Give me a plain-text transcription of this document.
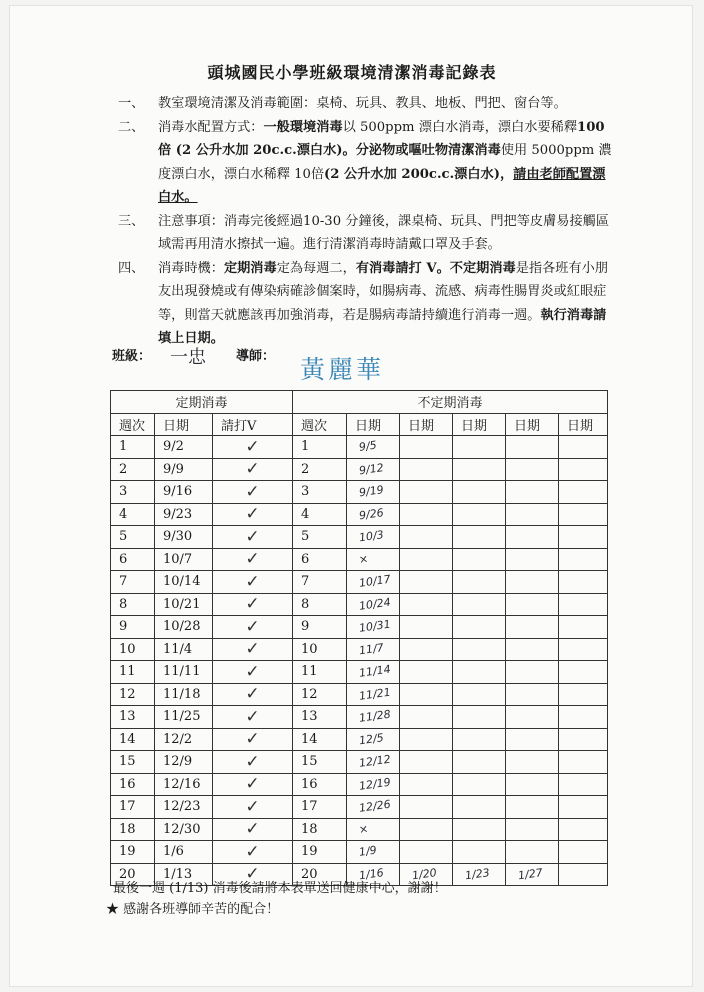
頭城國民小學班級環境清潔消毒記錄表
一、	教室環境清潔及消毒範圍：桌椅、玩具、教具、地板、門把、窗台等。
二、	消毒水配置方式：一般環境消毒以 500ppm 漂白水消毒，漂白水要稀釋100 倍 (2 公升水加 20c.c.漂白水)。分泌物或嘔吐物清潔消毒使用 5000ppm 濃度漂白水，漂白水稀釋 10倍(2 公升水加 200c.c.漂白水)，請由老師配置漂白水。
三、	注意事項：消毒完後經過10-30 分鐘後，課桌椅、玩具、門把等皮膚易接觸區域需再用清水擦拭一遍。進行清潔消毒時請戴口罩及手套。
四、	消毒時機：定期消毒定為每週二，有消毒請打 V。不定期消毒是指各班有小朋友出現發燒或有傳染病確診個案時，如腸病毒、流感、病毒性腸胃炎或紅眼症等，則當天就應該再加強消毒，若是腸病毒請持續進行消毒一週。執行消毒請填上日期。
班級： 一忠 導師： 黃麗華
定期消毒			不定期消毒					
週次	日期	請打V	週次	日期	日期	日期	日期	日期
1	9/2	✓	1	9/5				
2	9/9	✓	2	9/12				
3	9/16	✓	3	9/19				
4	9/23	✓	4	9/26				
5	9/30	✓	5	10/3				
6	10/7	✓	6	×				
7	10/14	✓	7	10/17				
8	10/21	✓	8	10/24				
9	10/28	✓	9	10/31				
10	11/4	✓	10	11/7				
11	11/11	✓	11	11/14				
12	11/18	✓	12	11/21				
13	11/25	✓	13	11/28				
14	12/2	✓	14	12/5				
15	12/9	✓	15	12/12				
16	12/16	✓	16	12/19				
17	12/23	✓	17	12/26				
18	12/30	✓	18	×				
19	1/6	✓	19	1/9				
20	1/13	✓	20	1/16	1/20	1/23	1/27	
最後一週 (1/13) 消毒後請將本表單送回健康中心，謝謝！
★ 感謝各班導師辛苦的配合！
